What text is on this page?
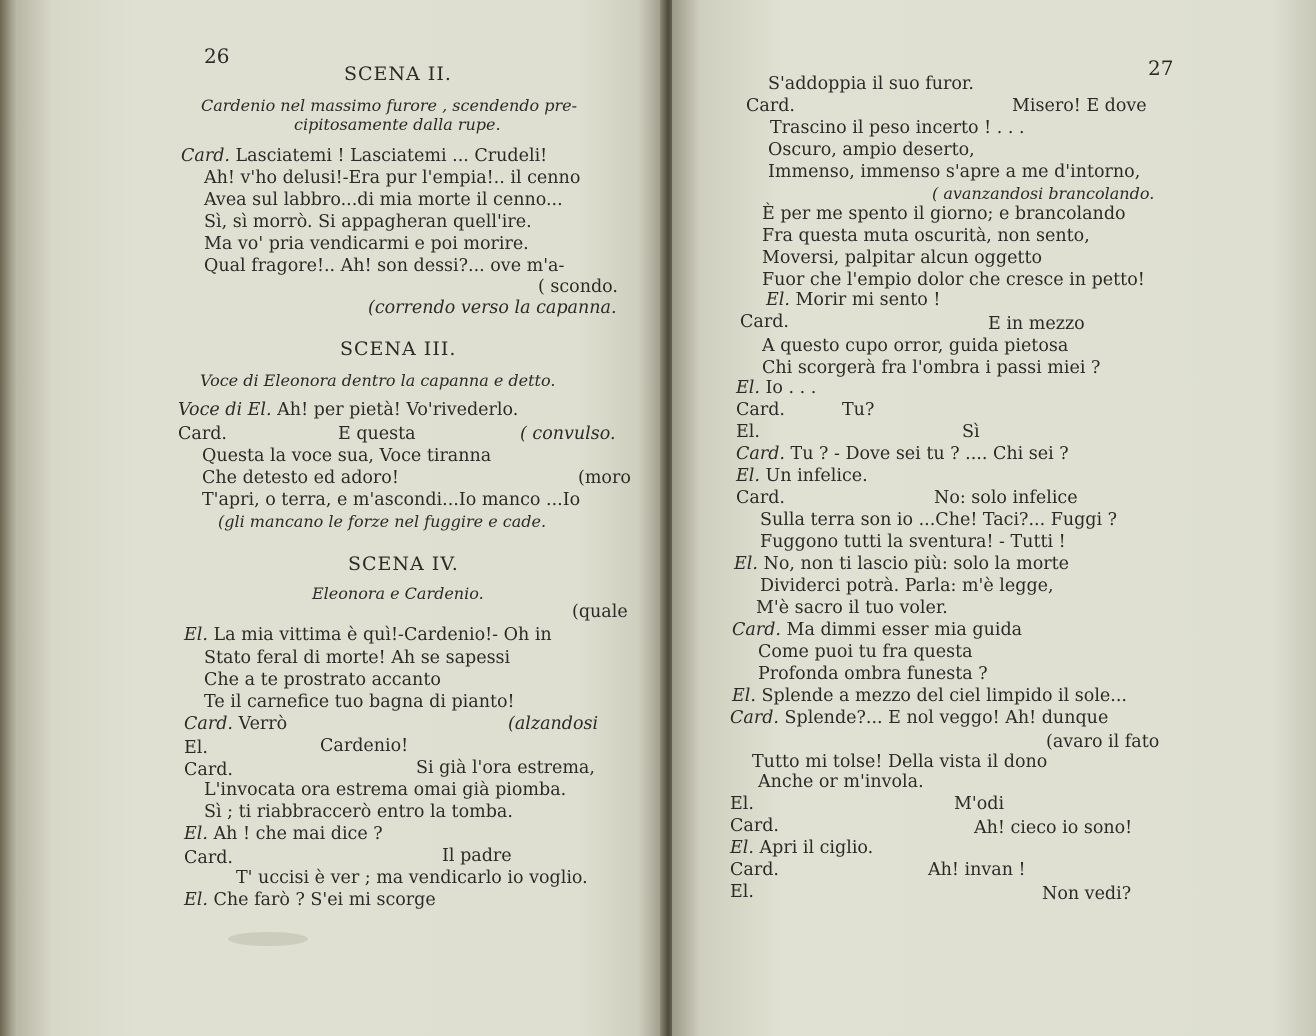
26
SCENA II.
Cardenio nel massimo furore , scendendo pre-
cipitosamente dalla rupe.
Card. Lasciatemi ! Lasciatemi ... Crudeli!
Ah! v'ho delusi!-Era pur l'empia!.. il cenno
Avea sul labbro...di mia morte il cenno...
Sì, sì morrò. Si appagheran quell'ire.
Ma vo' pria vendicarmi e poi morire.
Qual fragore!.. Ah! son dessi?... ove m'a-
( scondo.
(correndo verso la capanna.
SCENA III.
Voce di Eleonora dentro la capanna e detto.
Voce di El. Ah! per pietà! Vo'rivederlo.
Card.	E questa	( convulso.
Questa la voce sua, Voce tiranna
Che detesto ed adoro!	(moro
T'apri, o terra, e m'ascondi...Io manco ...Io
(gli mancano le forze nel fuggire e cade.
SCENA IV.
Eleonora e Cardenio.
(quale
El. La mia vittima è quì!-Cardenio!- Oh in
Stato feral di morte! Ah se sapessi
Che a te prostrato accanto
Te il carnefice tuo bagna di pianto!
Card. Verrò	(alzandosi
El.	Cardenio!
Card.	Si già l'ora estrema,
L'invocata ora estrema omai già piomba.
Sì ; ti riabbraccerò entro la tomba.
El. Ah ! che mai dice ?
Card.	Il padre
T' uccisi è ver ; ma vendicarlo io voglio.
El. Che farò ? S'ei mi scorge
27
S'addoppia il suo furor.
Card.	Misero! E dove
Trascino il peso incerto ! . . .
Oscuro, ampio deserto,
Immenso, immenso s'apre a me d'intorno,
( avanzandosi brancolando.
È per me spento il giorno; e brancolando
Fra questa muta oscurità, non sento,
Moversi, palpitar alcun oggetto
Fuor che l'empio dolor che cresce in petto!
El. Morir mi sento !
Card.	E in mezzo
A questo cupo orror, guida pietosa
Chi scorgerà fra l'ombra i passi miei ?
El. Io . . .
Card.	Tu?
El.	Sì
Card. Tu ? - Dove sei tu ? .... Chi sei ?
El. Un infelice.
Card.	No: solo infelice
Sulla terra son io ...Che! Taci?... Fuggi ?
Fuggono tutti la sventura! - Tutti !
El. No, non ti lascio più: solo la morte
Dividerci potrà. Parla: m'è legge,
M'è sacro il tuo voler.
Card. Ma dimmi esser mia guida
Come puoi tu fra questa
Profonda ombra funesta ?
El. Splende a mezzo del ciel limpido il sole...
Card. Splende?... E nol veggo! Ah! dunque
(avaro il fato
Tutto mi tolse! Della vista il dono
Anche or m'invola.
El.	M'odi
Card.	Ah! cieco io sono!
El. Apri il ciglio.
Card.	Ah! invan !
El.	Non vedi?
